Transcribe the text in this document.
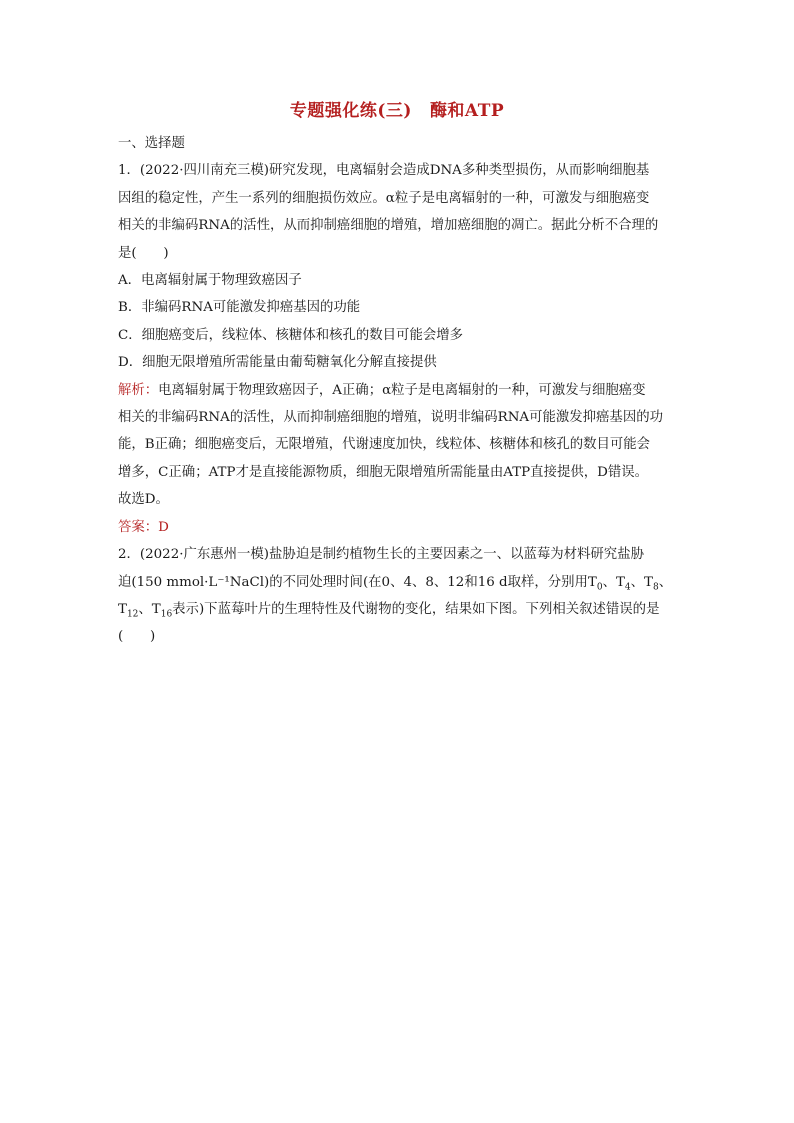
专题强化练(三) 酶和ATP
一、选择题
1．(2022·四川南充三模)研究发现，电离辐射会造成DNA多种类型损伤，从而影响细胞基
因组的稳定性，产生一系列的细胞损伤效应。α粒子是电离辐射的一种，可激发与细胞癌变
相关的非编码RNA的活性，从而抑制癌细胞的增殖，增加癌细胞的凋亡。据此分析不合理的
是(　　)
A．电离辐射属于物理致癌因子
B．非编码RNA可能激发抑癌基因的功能
C．细胞癌变后，线粒体、核糖体和核孔的数目可能会增多
D．细胞无限增殖所需能量由葡萄糖氧化分解直接提供
解析：电离辐射属于物理致癌因子，A正确；α粒子是电离辐射的一种，可激发与细胞癌变
相关的非编码RNA的活性，从而抑制癌细胞的增殖，说明非编码RNA可能激发抑癌基因的功
能，B正确；细胞癌变后，无限增殖，代谢速度加快，线粒体、核糖体和核孔的数目可能会
增多，C正确；ATP才是直接能源物质，细胞无限增殖所需能量由ATP直接提供，D错误。
故选D。
答案：D
2．(2022·广东惠州一模)盐胁迫是制约植物生长的主要因素之一、以蓝莓为材料研究盐胁
迫(150 mmol·L⁻¹NaCl)的不同处理时间(在0、4、8、12和16 d取样，分别用$T_0$、$T_4$、$T_8$、
$T_{12}$、$T_{16}$表示)下蓝莓叶片的生理特性及代谢物的变化，结果如下图。下列相关叙述错误的是
(　　)
